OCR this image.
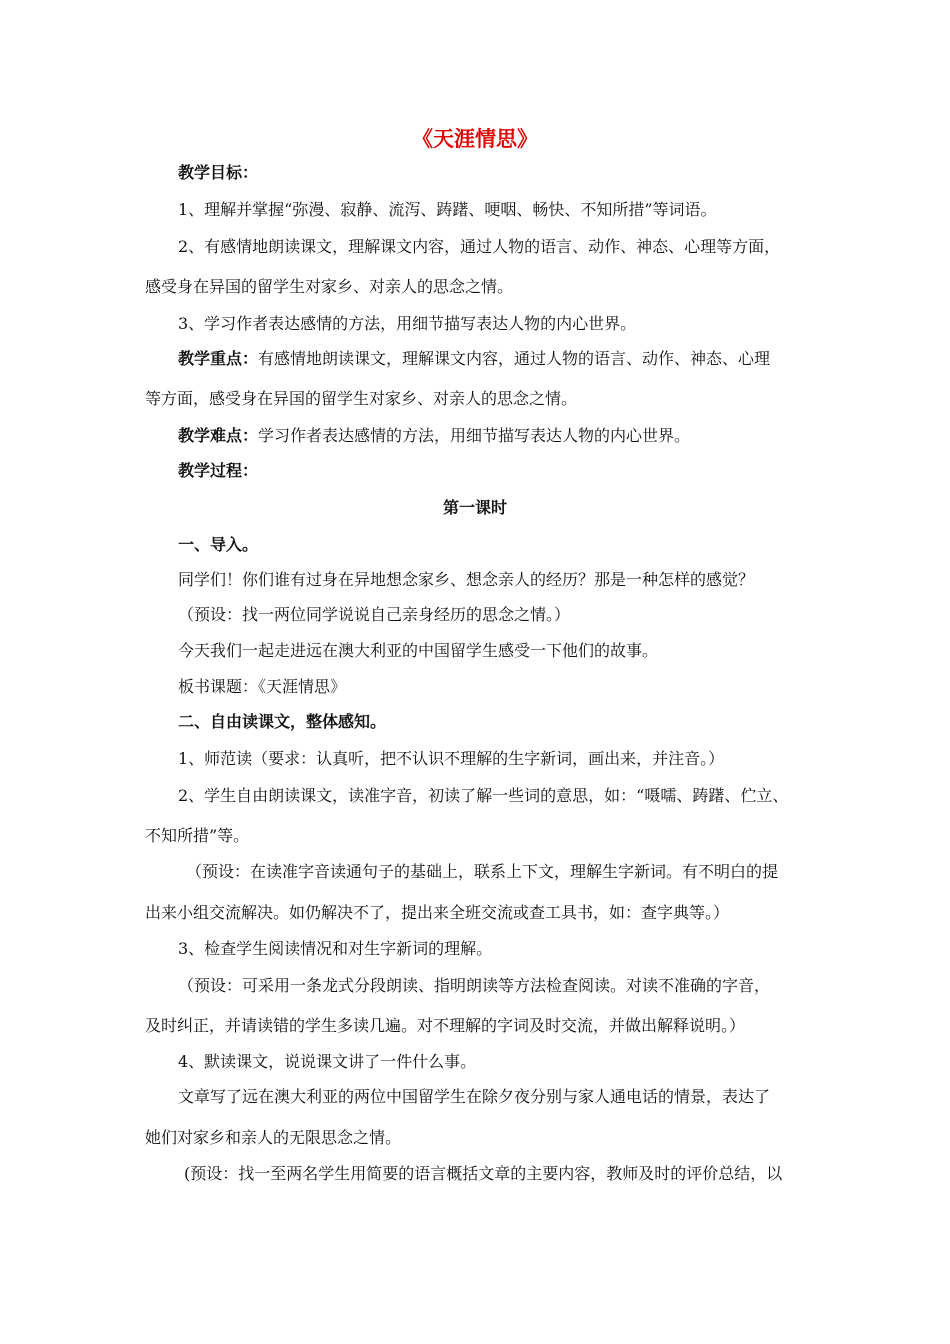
《天涯情思》
教学目标：
1、理解并掌握“弥漫、寂静、流泻、踌躇、哽咽、畅快、不知所措”等词语。
2、有感情地朗读课文，理解课文内容，通过人物的语言、动作、神态、心理等方面，
感受身在异国的留学生对家乡、对亲人的思念之情。
3、学习作者表达感情的方法，用细节描写表达人物的内心世界。
教学重点：有感情地朗读课文，理解课文内容，通过人物的语言、动作、神态、心理
等方面，感受身在异国的留学生对家乡、对亲人的思念之情。
教学难点：学习作者表达感情的方法，用细节描写表达人物的内心世界。
教学过程：
第一课时
一、导入。
同学们！你们谁有过身在异地想念家乡、想念亲人的经历？那是一种怎样的感觉？
（预设：找一两位同学说说自己亲身经历的思念之情。）
今天我们一起走进远在澳大利亚的中国留学生感受一下他们的故事。
板书课题：《天涯情思》
二、自由读课文，整体感知。
1、师范读（要求：认真听，把不认识不理解的生字新词，画出来，并注音。）
2、学生自由朗读课文，读准字音，初读了解一些词的意思，如：“嗫嚅、踌躇、伫立、
不知所措”等。
（预设：在读准字音读通句子的基础上，联系上下文，理解生字新词。有不明白的提
出来小组交流解决。如仍解决不了，提出来全班交流或查工具书，如：查字典等。）
3、检查学生阅读情况和对生字新词的理解。
（预设：可采用一条龙式分段朗读、指明朗读等方法检查阅读。对读不准确的字音，
及时纠正，并请读错的学生多读几遍。对不理解的字词及时交流，并做出解释说明。）
4、默读课文，说说课文讲了一件什么事。
文章写了远在澳大利亚的两位中国留学生在除夕夜分别与家人通电话的情景，表达了
她们对家乡和亲人的无限思念之情。
(预设：找一至两名学生用简要的语言概括文章的主要内容，教师及时的评价总结，以
